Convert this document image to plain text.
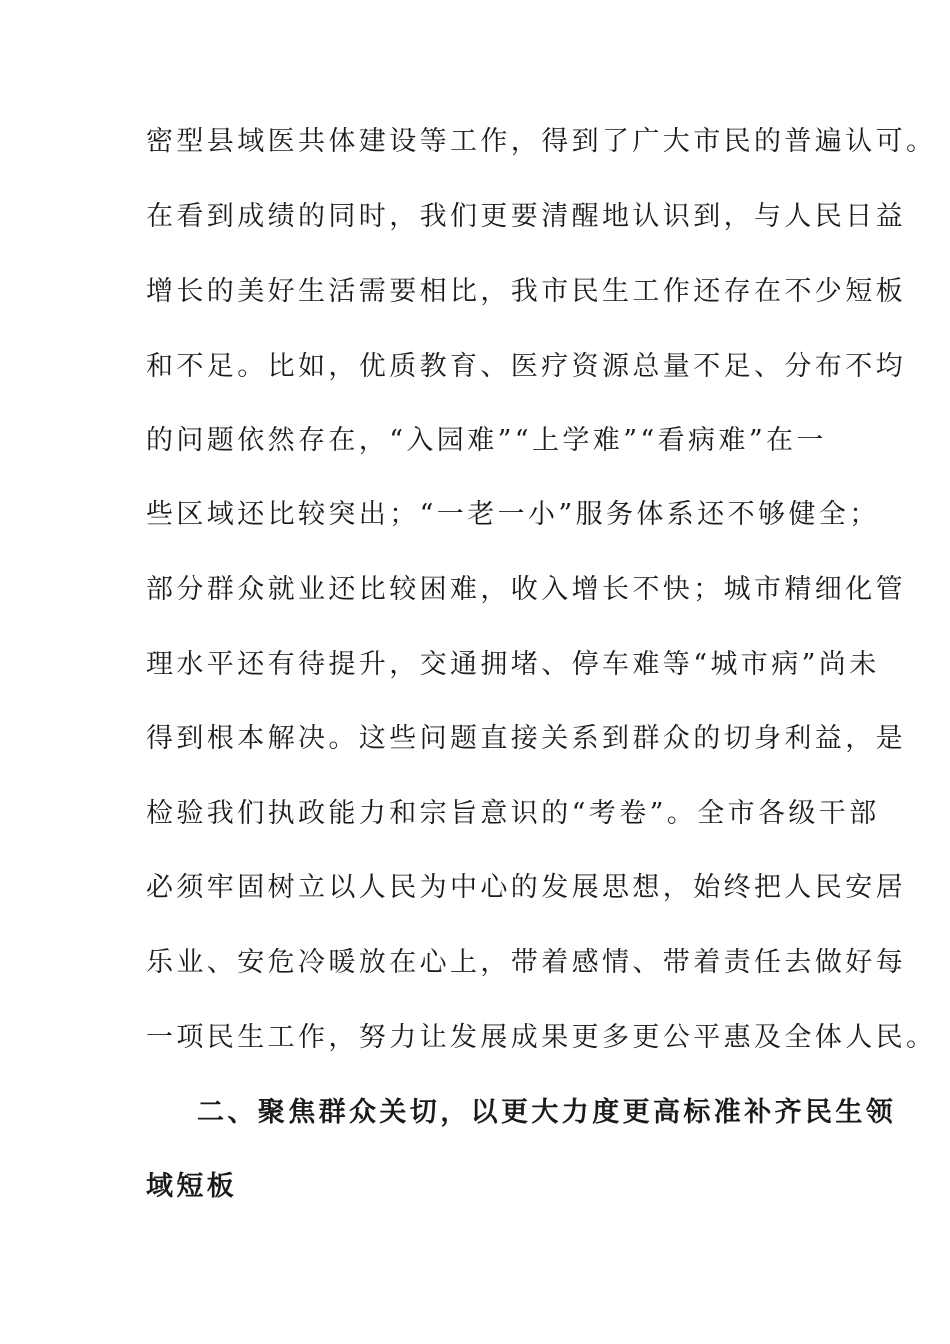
密型县域医共体建设等工作，得到了广大市民的普遍认可。
在看到成绩的同时，我们更要清醒地认识到，与人民日益
增长的美好生活需要相比，我市民生工作还存在不少短板
和不足。比如，优质教育、医疗资源总量不足、分布不均
的问题依然存在，“入园难”“上学难”“看病难”在一
些区域还比较突出；“一老一小”服务体系还不够健全；
部分群众就业还比较困难，收入增长不快；城市精细化管
理水平还有待提升，交通拥堵、停车难等“城市病”尚未
得到根本解决。这些问题直接关系到群众的切身利益，是
检验我们执政能力和宗旨意识的“考卷”。全市各级干部
必须牢固树立以人民为中心的发展思想，始终把人民安居
乐业、安危冷暖放在心上，带着感情、带着责任去做好每
一项民生工作，努力让发展成果更多更公平惠及全体人民。
二、聚焦群众关切，以更大力度更高标准补齐民生领
域短板
